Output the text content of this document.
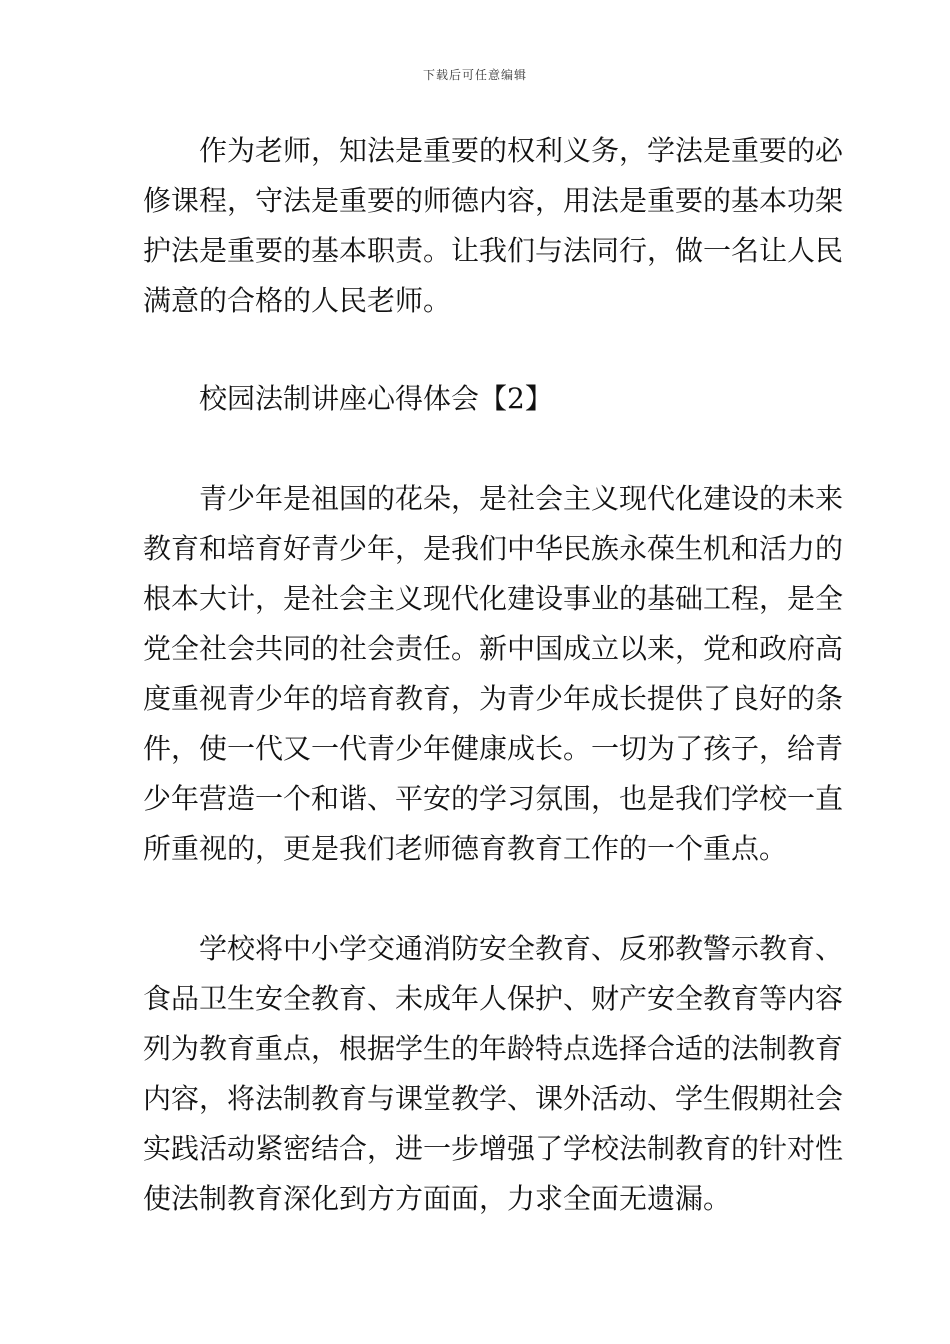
下载后可任意编辑
　　作为老师，知法是重要的权利义务，学法是重要的必
修课程，守法是重要的师德内容，用法是重要的基本功架
护法是重要的基本职责。让我们与法同行，做一名让人民
满意的合格的人民老师。
　　校园法制讲座心得体会【2】
　　青少年是祖国的花朵，是社会主义现代化建设的未来
教育和培育好青少年，是我们中华民族永葆生机和活力的
根本大计，是社会主义现代化建设事业的基础工程，是全
党全社会共同的社会责任。新中国成立以来，党和政府高
度重视青少年的培育教育，为青少年成长提供了良好的条
件，使一代又一代青少年健康成长。一切为了孩子，给青
少年营造一个和谐、平安的学习氛围，也是我们学校一直
所重视的，更是我们老师德育教育工作的一个重点。
　　学校将中小学交通消防安全教育、反邪教警示教育、
食品卫生安全教育、未成年人保护、财产安全教育等内容
列为教育重点，根据学生的年龄特点选择合适的法制教育
内容，将法制教育与课堂教学、课外活动、学生假期社会
实践活动紧密结合，进一步增强了学校法制教育的针对性
使法制教育深化到方方面面，力求全面无遗漏。
